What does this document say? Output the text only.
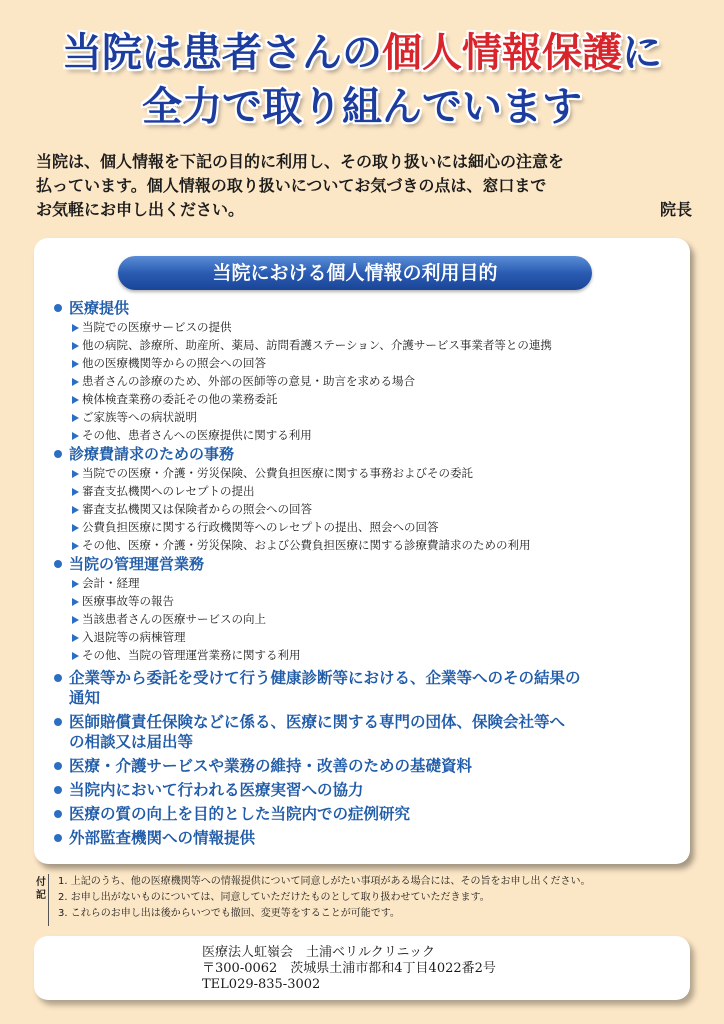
当院は患者さんの個人情報保護に
全力で取り組んでいます

当院は、個人情報を下記の目的に利用し、その取り扱いには細心の注意を

払っています。個人情報の取り扱いについてお気づきの点は、窓口まで

お気軽にお申し出ください。	院長

当院における個人情報の利用目的
医療提供
当院での医療サービスの提供
他の病院、診療所、助産所、薬局、訪問看護ステーション、介護サービス事業者等との連携
他の医療機関等からの照会への回答
患者さんの診療のため、外部の医師等の意見・助言を求める場合
検体検査業務の委託その他の業務委託
ご家族等への病状説明
その他、患者さんへの医療提供に関する利用
診療費請求のための事務
当院での医療・介護・労災保険、公費負担医療に関する事務およびその委託
審査支払機関へのレセプトの提出
審査支払機関又は保険者からの照会への回答
公費負担医療に関する行政機関等へのレセプトの提出、照会への回答
その他、医療・介護・労災保険、および公費負担医療に関する診療費請求のための利用
当院の管理運営業務
会計・経理
医療事故等の報告
当該患者さんの医療サービスの向上
入退院等の病棟管理
その他、当院の管理運営業務に関する利用
企業等から委託を受けて行う健康診断等における、企業等へのその結果の
通知
医師賠償責任保険などに係る、医療に関する専門の団体、保険会社等へ
の相談又は届出等
医療・介護サービスや業務の維持・改善のための基礎資料
当院内において行われる医療実習への協力
医療の質の向上を目的とした当院内での症例研究
外部監査機関への情報提供
付記
1. 上記のうち、他の医療機関等への情報提供について同意しがたい事項がある場合には、その旨をお申し出ください。
2. お申し出がないものについては、同意していただけたものとして取り扱わせていただきます。
3. これらのお申し出は後からいつでも撤回、変更等をすることが可能です。
医療法人虹嶺会　土浦ベリルクリニック
〒300-0062　茨城県土浦市都和4丁目4022番2号
TEL029-835-3002
